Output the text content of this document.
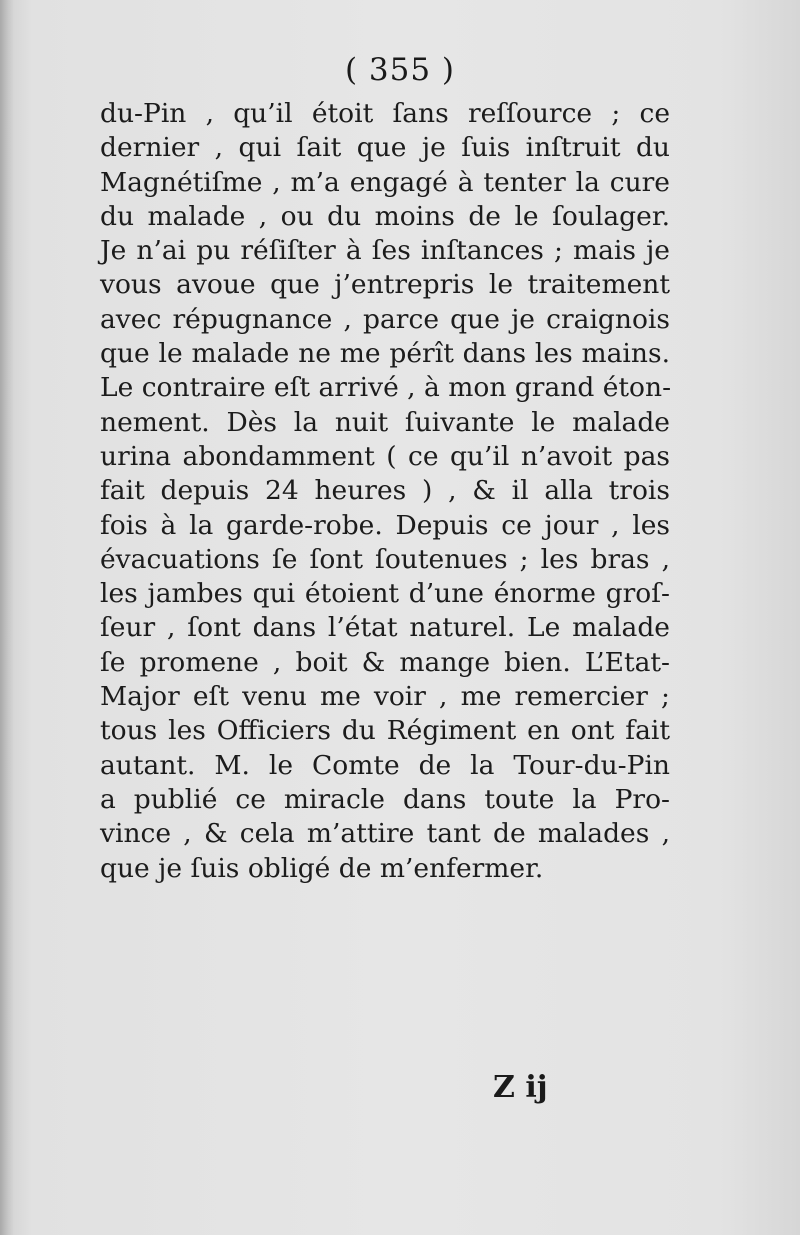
( 355 )
du-Pin , qu’il étoit ſans reſſource ; ce
dernier , qui ſait que je ſuis inſtruit du
Magnétiſme , m’a engagé à tenter la cure
du malade , ou du moins de le ſoulager.
Je n’ai pu réſiſter à ſes inſtances ; mais je
vous avoue que j’entrepris le traitement
avec répugnance , parce que je craignois
que le malade ne me pérît dans les mains.
Le contraire eſt arrivé , à mon grand éton-
nement. Dès la nuit ſuivante le malade
urina abondamment ( ce qu’il n’avoit pas
fait depuis 24 heures ) , & il alla trois
fois à la garde-robe. Depuis ce jour , les
évacuations ſe ſont ſoutenues ; les bras ,
les jambes qui étoient d’une énorme groſ-
ſeur , ſont dans l’état naturel. Le malade
ſe promene , boit & mange bien. L’Etat-
Major eſt venu me voir , me remercier ;
tous les Officiers du Régiment en ont fait
autant. M. le Comte de la Tour-du-Pin
a publié ce miracle dans toute la Pro-
vince , & cela m’attire tant de malades ,
que je ſuis obligé de m’enfermer.
Z ij
